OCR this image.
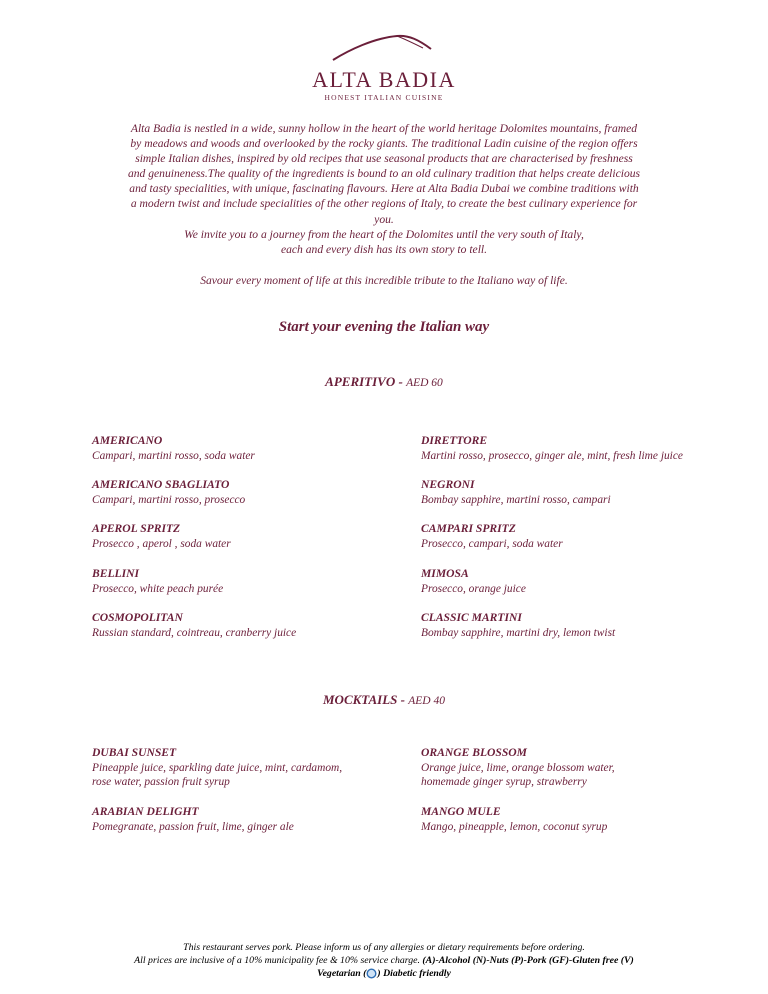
ALTA BADIA
HONEST ITALIAN CUISINE

Alta Badia is nestled in a wide, sunny hollow in the heart of the world heritage Dolomites mountains, framed

by meadows and woods and overlooked by the rocky giants. The traditional Ladin cuisine of the region offers

simple Italian dishes, inspired by old recipes that use seasonal products that are characterised by freshness

and genuineness.The quality of the ingredients is bound to an old culinary tradition that helps create delicious

and tasty specialities, with unique, fascinating flavours. Here at Alta Badia Dubai we combine traditions with

a modern twist and include specialities of the other regions of Italy, to create the best culinary experience for

you.

We invite you to a journey from the heart of the Dolomites until the very south of Italy,

each and every dish has its own story to tell.

Savour every moment of life at this incredible tribute to the Italiano way of life.

Start your evening the Italian way
APERITIVO - AED 60
AMERICANO
Campari, martini rosso, soda water
DIRETTORE
Martini rosso, prosecco, ginger ale, mint, fresh lime juice
AMERICANO SBAGLIATO
Campari, martini rosso, prosecco
NEGRONI
Bombay sapphire, martini rosso, campari
APEROL SPRITZ
Prosecco , aperol , soda water
CAMPARI SPRITZ
Prosecco, campari, soda water
BELLINI
Prosecco, white peach purée
MIMOSA
Prosecco, orange juice
COSMOPOLITAN
Russian standard, cointreau, cranberry juice
CLASSIC MARTINI
Bombay sapphire, martini dry, lemon twist
MOCKTAILS - AED 40
DUBAI SUNSET
Pineapple juice, sparkling date juice, mint, cardamom,
rose water, passion fruit syrup
ORANGE BLOSSOM
Orange juice, lime, orange blossom water,
homemade ginger syrup, strawberry
ARABIAN DELIGHT
Pomegranate, passion fruit, lime, ginger ale
MANGO MULE
Mango, pineapple, lemon, coconut syrup
This restaurant serves pork. Please inform us of any allergies or dietary requirements before ordering.
All prices are inclusive of a 10% municipality fee & 10% service charge. (A)-Alcohol (N)-Nuts (P)-Pork (GF)-Gluten free (V)
Vegetarian ( ) Diabetic friendly
